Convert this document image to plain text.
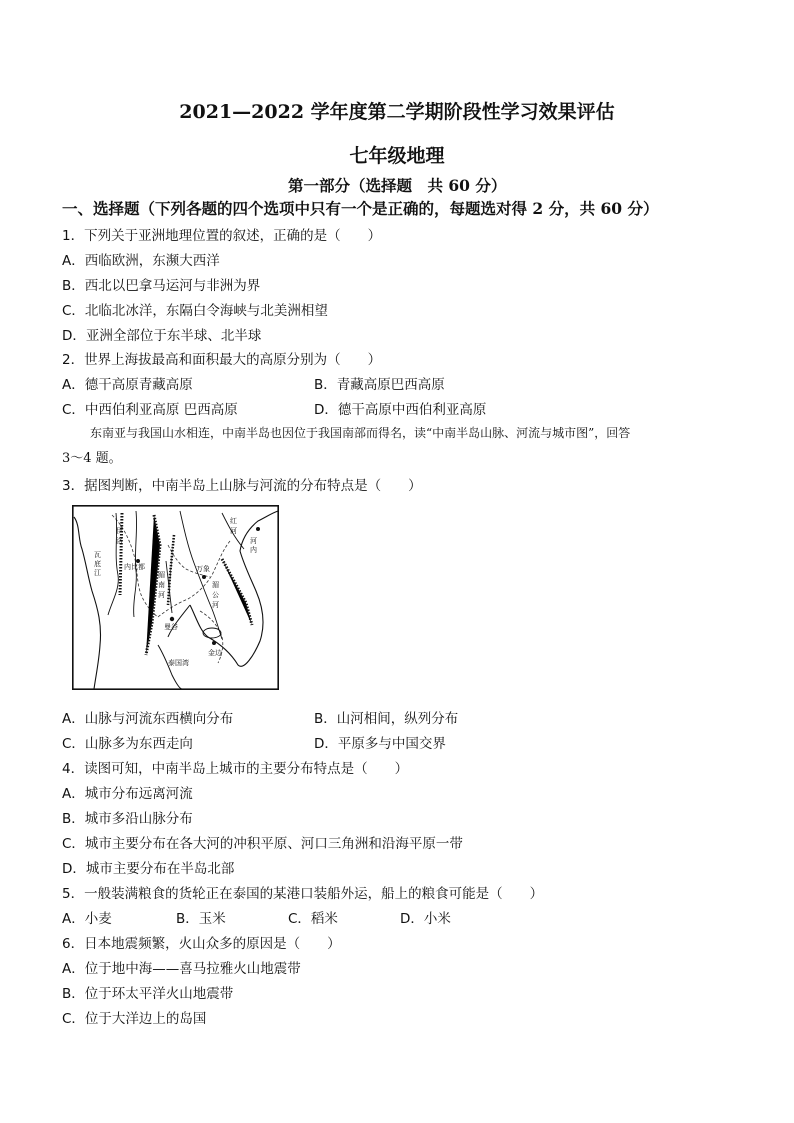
2021—2022 学年度第二学期阶段性学习效果评估
七年级地理
第一部分（选择题　共 60 分）
一、选择题（下列各题的四个选项中只有一个是正确的，每题选对得 2 分，共 60 分）
1．下列关于亚洲地理位置的叙述，正确的是（　　）
A．西临欧洲，东濒大西洋
B．西北以巴拿马运河与非洲为界
C．北临北冰洋，东隔白令海峡与北美洲相望
D．亚洲全部位于东半球、北半球
2．世界上海拔最高和面积最大的高原分别为（　　）
A．德干高原青藏高原	B．青藏高原巴西高原
C．中西伯利亚高原 巴西高原	D．德干高原中西伯利亚高原
东南亚与我国山水相连，中南半岛也因位于我国南部而得名，读“中南半岛山脉、河流与城市图”，回答
3～4 题。
3．据图判断，中南半岛上山脉与河流的分布特点是（　　）
伊
洛
瓦
底
江
内比都
红
河
河
内
万象
湄
公
河
湄
南
河
曼谷
金边
泰国湾
A．山脉与河流东西横向分布	B．山河相间，纵列分布
C．山脉多为东西走向	D．平原多与中国交界
4．读图可知，中南半岛上城市的主要分布特点是（　　）
A．城市分布远离河流
B．城市多沿山脉分布
C．城市主要分布在各大河的冲积平原、河口三角洲和沿海平原一带
D．城市主要分布在半岛北部
5．一般装满粮食的货轮正在泰国的某港口装船外运，船上的粮食可能是（　　）
A．小麦	B．玉米	C．稻米	D．小米
6．日本地震频繁，火山众多的原因是（　　）
A．位于地中海——喜马拉雅火山地震带
B．位于环太平洋火山地震带
C．位于大洋边上的岛国
